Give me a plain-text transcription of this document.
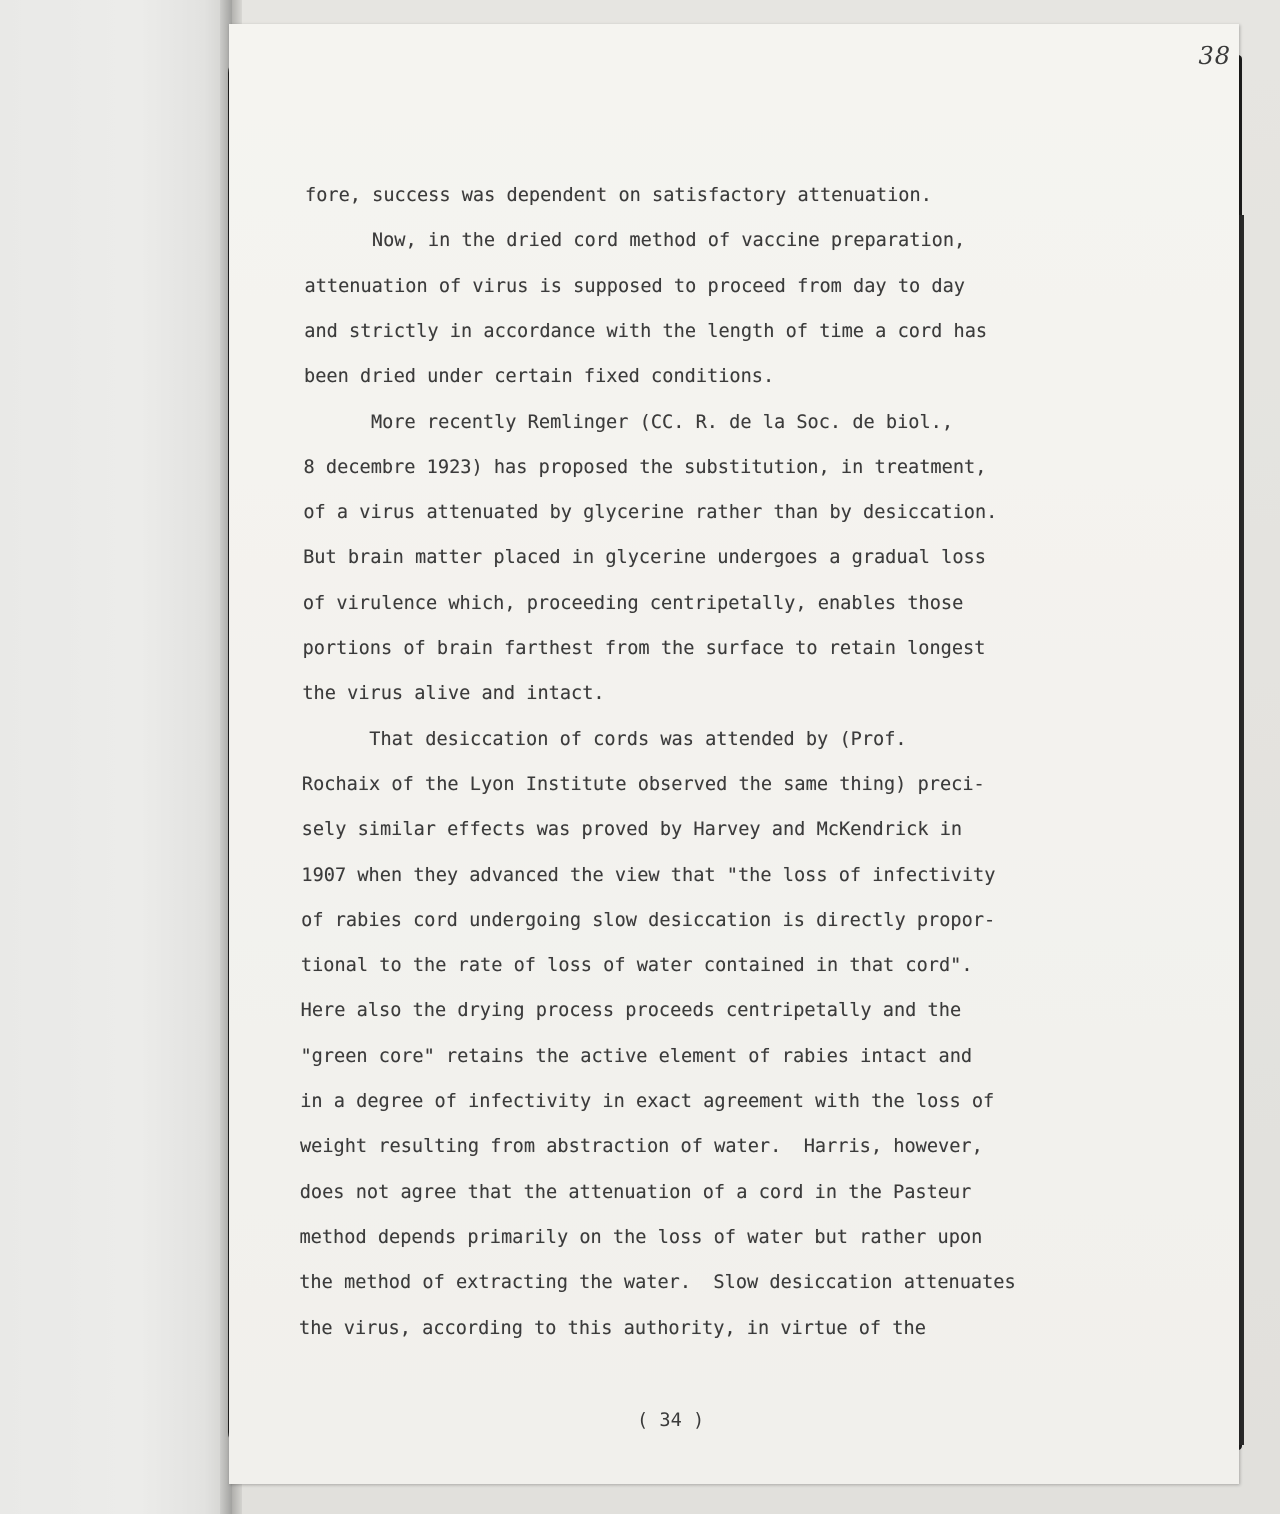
38
fore, success was dependent on satisfactory attenuation.
Now, in the dried cord method of vaccine preparation,
attenuation of virus is supposed to proceed from day to day
and strictly in accordance with the length of time a cord has
been dried under certain fixed conditions.
More recently Remlinger (CC. R. de la Soc. de biol.,
8 decembre 1923) has proposed the substitution, in treatment,
of a virus attenuated by glycerine rather than by desiccation.
But brain matter placed in glycerine undergoes a gradual loss
of virulence which, proceeding centripetally, enables those
portions of brain farthest from the surface to retain longest
the virus alive and intact.
That desiccation of cords was attended by (Prof.
Rochaix of the Lyon Institute observed the same thing) preci-
sely similar effects was proved by Harvey and McKendrick in
1907 when they advanced the view that "the loss of infectivity
of rabies cord undergoing slow desiccation is directly propor-
tional to the rate of loss of water contained in that cord".
Here also the drying process proceeds centripetally and the
"green core" retains the active element of rabies intact and
in a degree of infectivity in exact agreement with the loss of
weight resulting from abstraction of water.  Harris, however,
does not agree that the attenuation of a cord in the Pasteur
method depends primarily on the loss of water but rather upon
the method of extracting the water.  Slow desiccation attenuates
the virus, according to this authority, in virtue of the
( 34 )
